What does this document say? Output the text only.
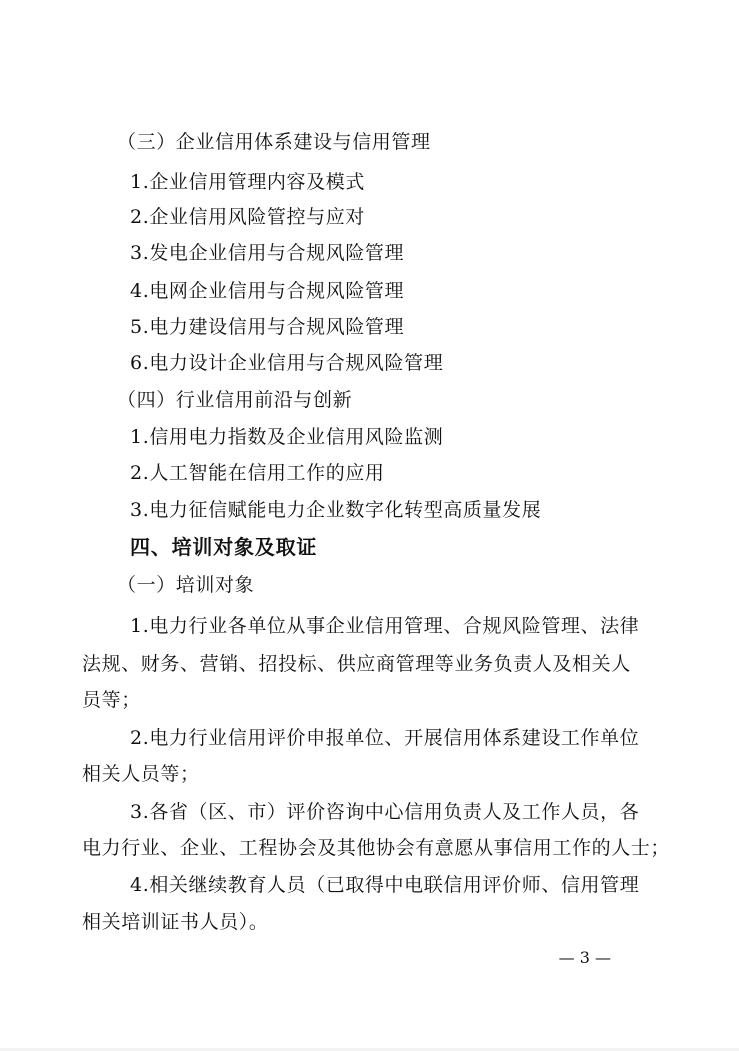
（三）企业信用体系建设与信用管理
1.企业信用管理内容及模式
2.企业信用风险管控与应对
3.发电企业信用与合规风险管理
4.电网企业信用与合规风险管理
5.电力建设信用与合规风险管理
6.电力设计企业信用与合规风险管理
（四）行业信用前沿与创新
1.信用电力指数及企业信用风险监测
2.人工智能在信用工作的应用
3.电力征信赋能电力企业数字化转型高质量发展
四、培训对象及取证
（一）培训对象
1.电力行业各单位从事企业信用管理、合规风险管理、法律
法规、财务、营销、招投标、供应商管理等业务负责人及相关人
员等；
2.电力行业信用评价申报单位、开展信用体系建设工作单位
相关人员等；
3.各省（区、市）评价咨询中心信用负责人及工作人员，各
电力行业、企业、工程协会及其他协会有意愿从事信用工作的人士；
4.相关继续教育人员（已取得中电联信用评价师、信用管理
相关培训证书人员）。
— 3 —
